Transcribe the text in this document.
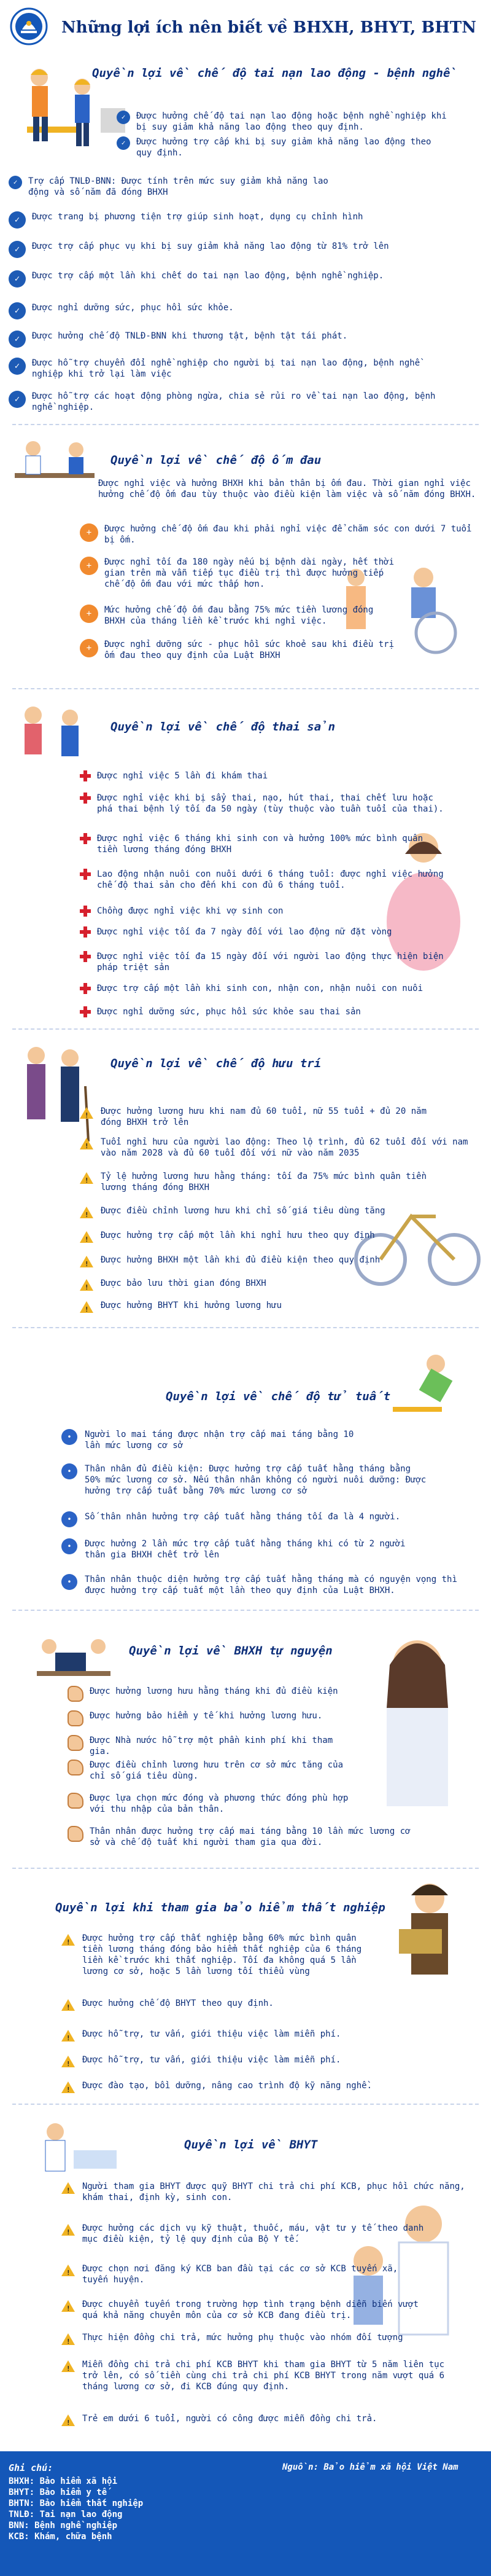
Những lợi ích nên biết về BHXH, BHYT, BHTN
Quyền lợi về chế độ tai nạn lao động - bệnh nghề
✓	Được hưởng chế độ tai nạn lao động hoặc bệnh nghề nghiệp khi bị suy giảm khả năng lao động theo quy định.
✓	Được hưởng trợ cấp khi bị suy giảm khả năng lao động theo quy định.
✓	Trợ cấp TNLĐ-BNN: Được tính trên mức suy giảm khả năng lao động và số năm đã đóng BHXH
✓	Được trang bị phương tiện trợ giúp sinh hoạt, dụng cụ chỉnh hình
✓	Được trợ cấp phục vụ khi bị suy giảm khả năng lao động từ 81% trở lên
✓	Được trợ cấp một lần khi chết do tai nạn lao động, bệnh nghề nghiệp.
✓	Được nghỉ dưỡng sức, phục hồi sức khỏe.
✓	Được hưởng chế độ TNLĐ-BNN khi thương tật, bệnh tật tái phát.
✓	Được hỗ trợ chuyển đổi nghề nghiệp cho người bị tai nạn lao động, bệnh nghề nghiệp khi trở lại làm việc
✓	Được hỗ trợ các hoạt động phòng ngừa, chia sẻ rủi ro về tai nạn lao động, bệnh nghề nghiệp.
Quyền lợi về chế độ ốm đau
Được nghỉ việc và hưởng BHXH khi bản thân bị ốm đau. Thời gian nghỉ việc hưởng chế độ ốm đau tùy thuộc vào điều kiện làm việc và số năm đóng BHXH.
+	Được hưởng chế độ ốm đau khi phải nghỉ việc để chăm sóc con dưới 7 tuổi bị ốm.
+	Được nghỉ tối đa 180 ngày nếu bị bệnh dài ngày, hết thời gian trên mà vẫn tiếp tục điều trị thì được hưởng tiếp chế độ ốm đau với mức thấp hơn.
+	Mức hưởng chế độ ốm đau bằng 75% mức tiền lương đóng BHXH của tháng liền kề trước khi nghỉ việc.
+	Được nghỉ dưỡng sức - phục hồi sức khoẻ sau khi điều trị ốm đau theo quy định của Luật BHXH
Quyền lợi về chế độ thai sản
Được nghỉ việc 5 lần đi khám thai
Được nghỉ việc khi bị sẩy thai, nạo, hút thai, thai chết lưu hoặc phá thai bệnh lý tối đa 50 ngày (tùy thuộc vào tuần tuổi của thai).
Được nghỉ việc 6 tháng khi sinh con và hưởng 100% mức bình quân tiền lương tháng đóng BHXH
Lao động nhận nuôi con nuôi dưới 6 tháng tuổi: được nghỉ việc hưởng chế độ thai sản cho đến khi con đủ 6 tháng tuổi.
Chồng được nghỉ việc khi vợ sinh con
Được nghỉ việc tối đa 7 ngày đối với lao động nữ đặt vòng
Được nghỉ việc tối đa 15 ngày đối với người lao động thực hiện biện pháp triệt sản
Được trợ cấp một lần khi sinh con, nhận con, nhận nuôi con nuôi
Được nghỉ dưỡng sức, phục hồi sức khỏe sau thai sản
Quyền lợi về chế độ hưu trí
! Được hưởng lương hưu khi nam đủ 60 tuổi, nữ 55 tuổi + đủ 20 năm đóng BHXH trở lên
! Tuổi nghỉ hưu của người lao động: Theo lộ trình, đủ 62 tuổi đối với nam vào năm 2028 và đủ 60 tuổi đối với nữ vào năm 2035
! Tỷ lệ hưởng lương hưu hằng tháng: tối đa 75% mức bình quân tiền lương tháng đóng BHXH
! Được điều chỉnh lương hưu khi chỉ số giá tiêu dùng tăng
! Được hưởng trợ cấp một lần khi nghỉ hưu theo quy định
! Được hưởng BHXH một lần khi đủ điều kiện theo quy định
! Được bảo lưu thời gian đóng BHXH
! Được hưởng BHYT khi hưởng lương hưu
Quyền lợi về chế độ tử tuất
•	Người lo mai táng được nhận trợ cấp mai táng bằng 10 lần mức lương cơ sở
•	Thân nhân đủ điều kiện: Được hưởng trợ cấp tuất hằng tháng bằng 50% mức lương cơ sở. Nếu thân nhân không có người nuôi dưỡng: Được hưởng trợ cấp tuất bằng 70% mức lương cơ sở
•	Số thân nhân hưởng trợ cấp tuất hằng tháng tối đa là 4 người.
•	Được hưởng 2 lần mức trợ cấp tuất hằng tháng khi có từ 2 người thân gia BHXH chết trở lên
•	Thân nhân thuộc diện hưởng trợ cấp tuất hằng tháng mà có nguyện vọng thì được hưởng trợ cấp tuất một lần theo quy định của Luật BHXH.
Quyền lợi về BHXH tự nguyện
Được hưởng lương hưu hằng tháng khi đủ điều kiện
Được hưởng bảo hiểm y tế khi hưởng lương hưu.
Được Nhà nước hỗ trợ một phần kinh phí khi tham gia.
Được điều chỉnh lương hưu trên cơ sở mức tăng của chỉ số giá tiêu dùng.
Được lựa chọn mức đóng và phương thức đóng phù hợp với thu nhập của bản thân.
Thân nhân được hưởng trợ cấp mai táng bằng 10 lần mức lương cơ sở và chế độ tuất khi người tham gia qua đời.
Quyền lợi khi tham gia bảo hiểm thất nghiệp
! Được hưởng trợ cấp thất nghiệp bằng 60% mức bình quân tiền lương tháng đóng bảo hiểm thất nghiệp của 6 tháng liền kề trước khi thất nghiệp. Tối đa không quá 5 lần lương cơ sở, hoặc 5 lần lương tối thiểu vùng
! Được hưởng chế độ BHYT theo quy định.
! Được hỗ trợ, tư vấn, giới thiệu việc làm miễn phí.
! Được hỗ trợ, tư vấn, giới thiệu việc làm miễn phí.
! Được đào tạo, bồi dưỡng, nâng cao trình độ kỹ năng nghề.
Quyền lợi về BHYT
! Người tham gia BHYT được quỹ BHYT chi trả chi phí KCB, phục hồi chức năng, khám thai, định kỳ, sinh con.
! Được hưởng các dịch vụ kỹ thuật, thuốc, máu, vật tư y tế theo danh mục điều kiện, tỷ lệ quy định của Bộ Y tế.
! Được chọn nơi đăng ký KCB ban đầu tại các cơ sở KCB tuyến xã, tuyến huyện.
! Được chuyển tuyến trong trường hợp tình trạng bệnh diễn biến vượt quá khả năng chuyên môn của cơ sở KCB đang điều trị.
! Thực hiện đồng chi trả, mức hưởng phụ thuộc vào nhóm đối tượng
! Miễn đồng chi trả chi phí KCB BHYT khi tham gia BHYT từ 5 năm liên tục trở lên, có số tiền cùng chi trả chi phí KCB BHYT trong năm vượt quá 6 tháng lương cơ sở, đi KCB đúng quy định.
! Trẻ em dưới 6 tuổi, người có công được miễn đồng chi trả.
Ghi chú:
BHXH: Bảo hiểm xã hội
BHYT: Bảo hiểm y tế
BHTN: Bảo hiểm thất nghiệp
TNLĐ: Tai nạn lao động
BNN: Bệnh nghề nghiệp
KCB: Khám, chữa bệnh
Nguồn: Bảo hiểm xã hội Việt Nam
